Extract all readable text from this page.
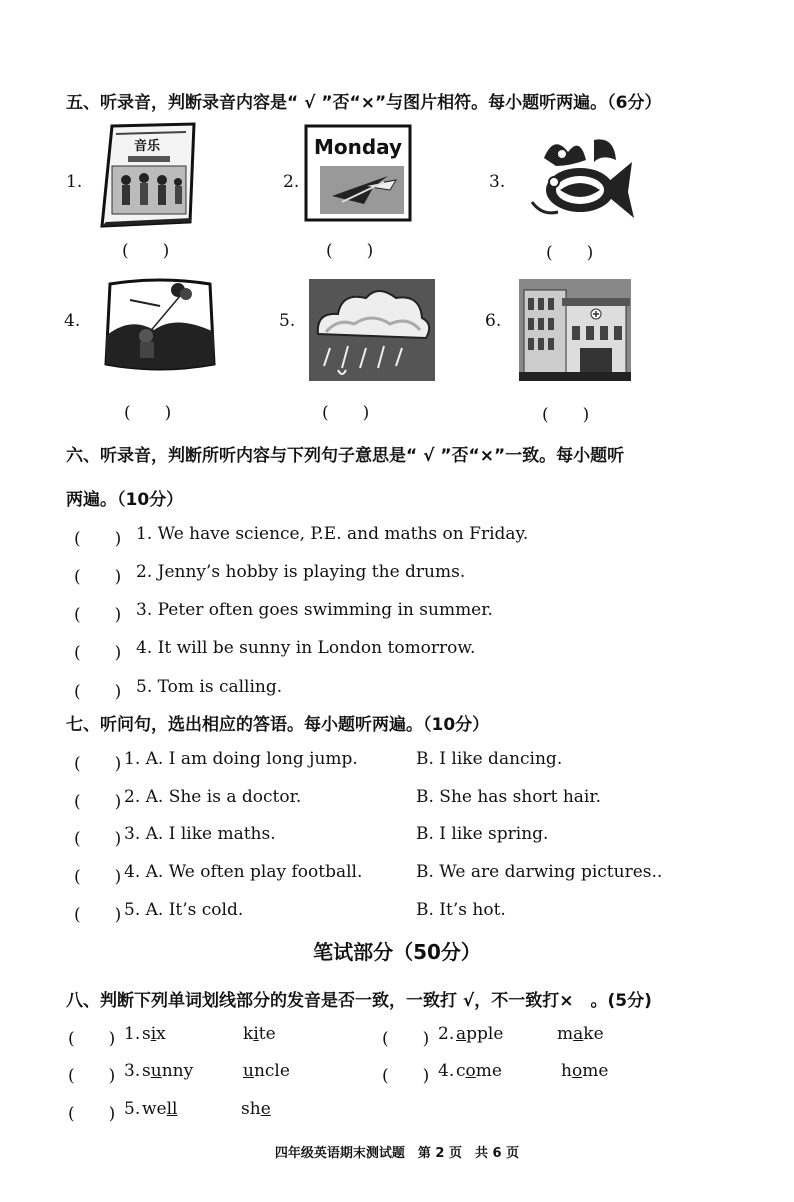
五、听录音，判断录音内容是“ √ ”否“×”与图片相符。每小题听两遍。（6分）
1.
音乐
(　　)
2.
Monday
(　　)
3.
(　　)
4.
(　　)
5.
(　　)
6.
(　　)
六、听录音，判断所听内容与下列句子意思是“ √ ”否“×”一致。每小题听
两遍。（10分）
(　　) 1. We have science, P.E. and maths on Friday.
(　　) 2. Jenny’s hobby is playing the drums.
(　　) 3. Peter often goes swimming in summer.
(　　) 4. It will be sunny in London tomorrow.
(　　) 5. Tom is calling.
七、听问句，选出相应的答语。每小题听两遍。（10分）
(　　) 1. A. I am doing long jump.	B. I like dancing.
(　　) 2. A. She is a doctor.	B. She has short hair.
(　　) 3. A. I like maths.	B. I like spring.
(　　) 4. A. We often play football.	B. We are darwing pictures..
(　　) 5. A. It’s cold.	B. It’s hot.
笔试部分（50分）
八、判断下列单词划线部分的发音是否一致，一致打 √，不一致打×　。(5分)
(　　) 1. six	kite	(　　) 2. apple	make
(　　) 3. sunny	uncle	(　　) 4. come	home
(　　) 5. well	she
四年级英语期末测试题　第 2 页　共 6 页
